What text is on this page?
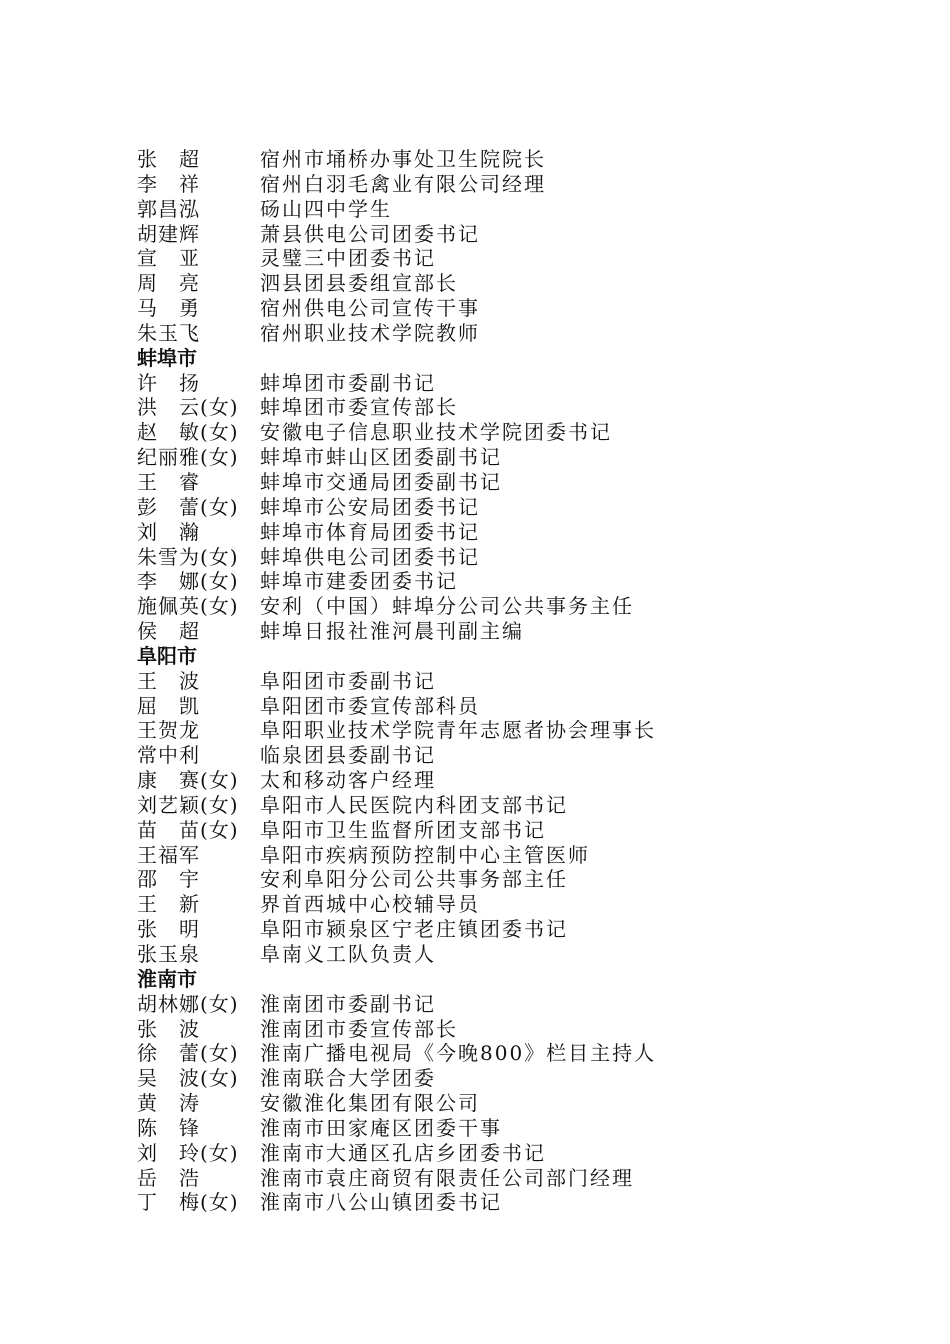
张　超	宿州市埇桥办事处卫生院院长
李　祥	宿州白羽毛禽业有限公司经理
郭昌泓	砀山四中学生
胡建辉	萧县供电公司团委书记
宣　亚	灵璧三中团委书记
周　亮	泗县团县委组宣部长
马　勇	宿州供电公司宣传干事
朱玉飞	宿州职业技术学院教师
蚌埠市
许　扬	蚌埠团市委副书记
洪　云(女)	蚌埠团市委宣传部长
赵　敏(女)	安徽电子信息职业技术学院团委书记
纪丽雅(女)	蚌埠市蚌山区团委副书记
王　睿	蚌埠市交通局团委副书记
彭　蕾(女)	蚌埠市公安局团委书记
刘　瀚	蚌埠市体育局团委书记
朱雪为(女)	蚌埠供电公司团委书记
李　娜(女)	蚌埠市建委团委书记
施佩英(女)	安利（中国）蚌埠分公司公共事务主任
侯　超	蚌埠日报社淮河晨刊副主编
阜阳市
王　波	阜阳团市委副书记
屈　凯	阜阳团市委宣传部科员
王贺龙	阜阳职业技术学院青年志愿者协会理事长
常中利	临泉团县委副书记
康　赛(女)	太和移动客户经理
刘艺颖(女)	阜阳市人民医院内科团支部书记
苗　苗(女)	阜阳市卫生监督所团支部书记
王福军	阜阳市疾病预防控制中心主管医师
邵　宇	安利阜阳分公司公共事务部主任
王　新	界首西城中心校辅导员
张　明	阜阳市颍泉区宁老庄镇团委书记
张玉泉	阜南义工队负责人
淮南市
胡林娜(女)	淮南团市委副书记
张　波	淮南团市委宣传部长
徐　蕾(女)	淮南广播电视局《今晚800》栏目主持人
吴　波(女)	淮南联合大学团委
黄　涛	安徽淮化集团有限公司
陈　锋	淮南市田家庵区团委干事
刘　玲(女)	淮南市大通区孔店乡团委书记
岳　浩	淮南市袁庄商贸有限责任公司部门经理
丁　梅(女)	淮南市八公山镇团委书记
